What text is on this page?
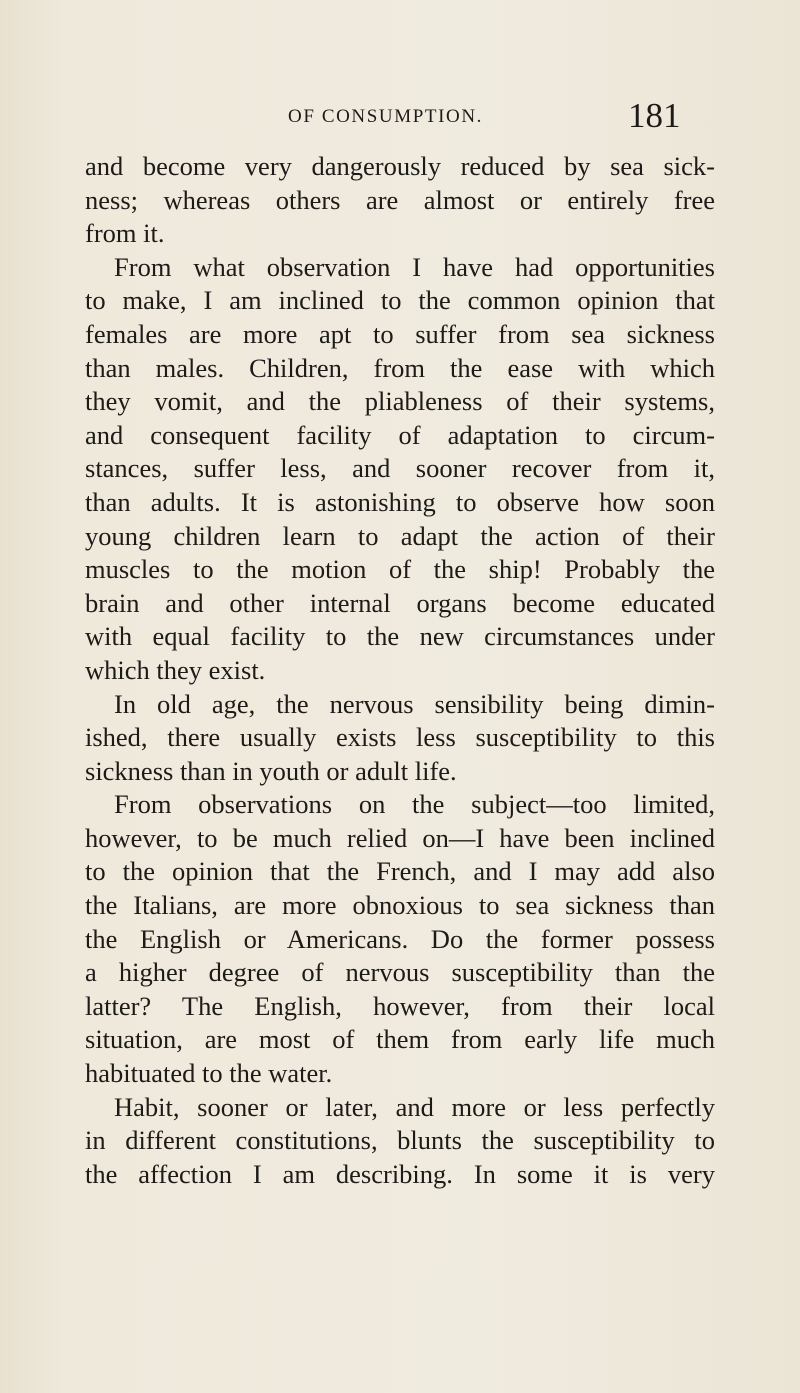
OF CONSUMPTION.	181
and become very dangerously reduced by sea sick-
ness; whereas others are almost or entirely free
from it.
From what observation I have had opportunities
to make, I am inclined to the common opinion that
females are more apt to suffer from sea sickness
than males. Children, from the ease with which
they vomit, and the pliableness of their systems,
and consequent facility of adaptation to circum-
stances, suffer less, and sooner recover from it,
than adults. It is astonishing to observe how soon
young children learn to adapt the action of their
muscles to the motion of the ship! Probably the
brain and other internal organs become educated
with equal facility to the new circumstances under
which they exist.
In old age, the nervous sensibility being dimin-
ished, there usually exists less susceptibility to this
sickness than in youth or adult life.
From observations on the subject—too limited,
however, to be much relied on—I have been inclined
to the opinion that the French, and I may add also
the Italians, are more obnoxious to sea sickness than
the English or Americans. Do the former possess
a higher degree of nervous susceptibility than the
latter? The English, however, from their local
situation, are most of them from early life much
habituated to the water.
Habit, sooner or later, and more or less perfectly
in different constitutions, blunts the susceptibility to
the affection I am describing. In some it is very
